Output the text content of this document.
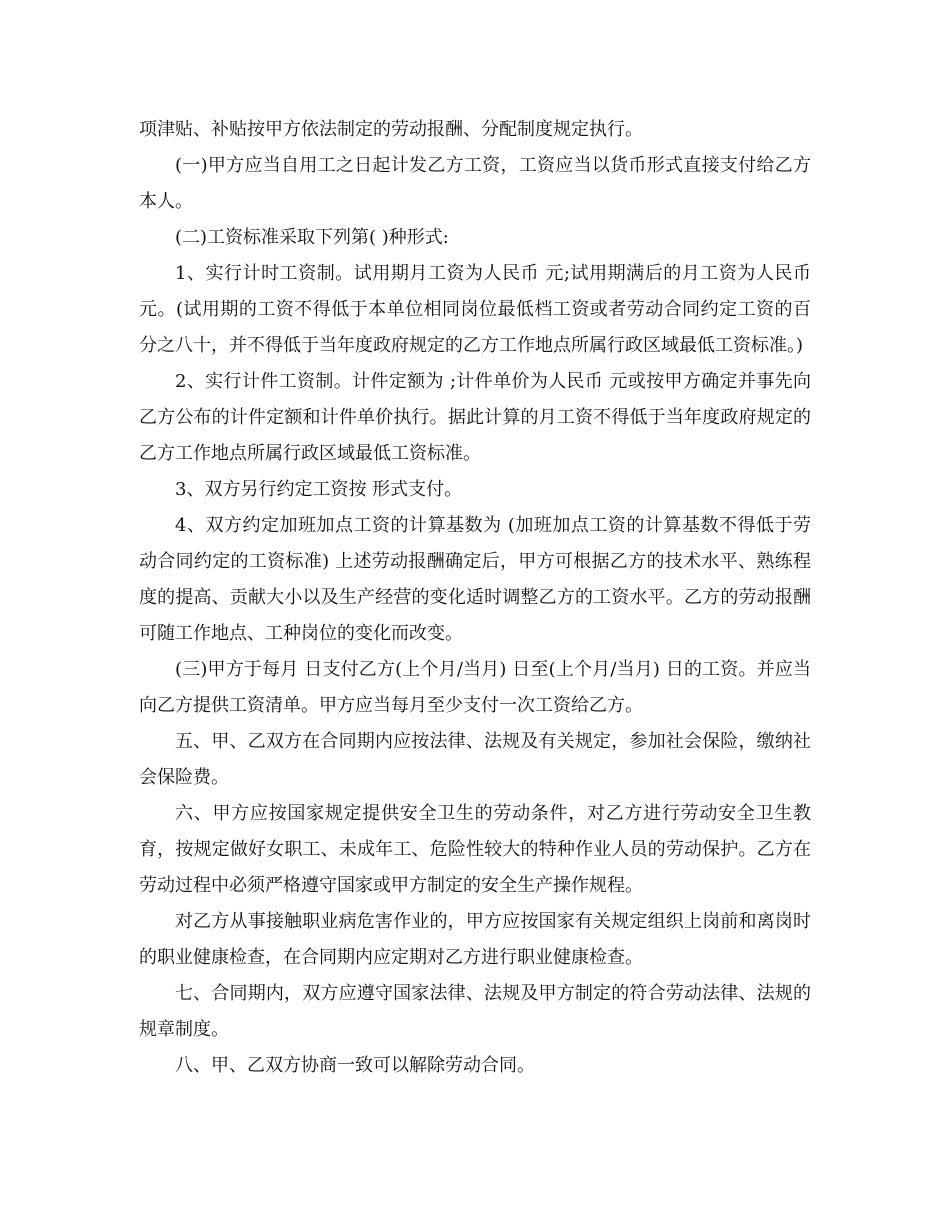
项津贴、补贴按甲方依法制定的劳动报酬、分配制度规定执行。

(一)甲方应当自用工之日起计发乙方工资，工资应当以货币形式直接支付给乙方本人。

(二)工资标准采取下列第( )种形式:

1、实行计时工资制。试用期月工资为人民币 元;试用期满后的月工资为人民币 元。(试用期的工资不得低于本单位相同岗位最低档工资或者劳动合同约定工资的百分之八十，并不得低于当年度政府规定的乙方工作地点所属行政区域最低工资标准。)

2、实行计件工资制。计件定额为 ;计件单价为人民币 元或按甲方确定并事先向乙方公布的计件定额和计件单价执行。据此计算的月工资不得低于当年度政府规定的乙方工作地点所属行政区域最低工资标准。

3、双方另行约定工资按 形式支付。

4、双方约定加班加点工资的计算基数为 (加班加点工资的计算基数不得低于劳动合同约定的工资标准) 上述劳动报酬确定后，甲方可根据乙方的技术水平、熟练程度的提高、贡献大小以及生产经营的变化适时调整乙方的工资水平。乙方的劳动报酬可随工作地点、工种岗位的变化而改变。

(三)甲方于每月 日支付乙方(上个月/当月) 日至(上个月/当月) 日的工资。并应当向乙方提供工资清单。甲方应当每月至少支付一次工资给乙方。

五、甲、乙双方在合同期内应按法律、法规及有关规定，参加社会保险，缴纳社会保险费。

六、甲方应按国家规定提供安全卫生的劳动条件，对乙方进行劳动安全卫生教育，按规定做好女职工、未成年工、危险性较大的特种作业人员的劳动保护。乙方在劳动过程中必须严格遵守国家或甲方制定的安全生产操作规程。

对乙方从事接触职业病危害作业的，甲方应按国家有关规定组织上岗前和离岗时的职业健康检查，在合同期内应定期对乙方进行职业健康检查。

七、合同期内，双方应遵守国家法律、法规及甲方制定的符合劳动法律、法规的规章制度。

八、甲、乙双方协商一致可以解除劳动合同。
